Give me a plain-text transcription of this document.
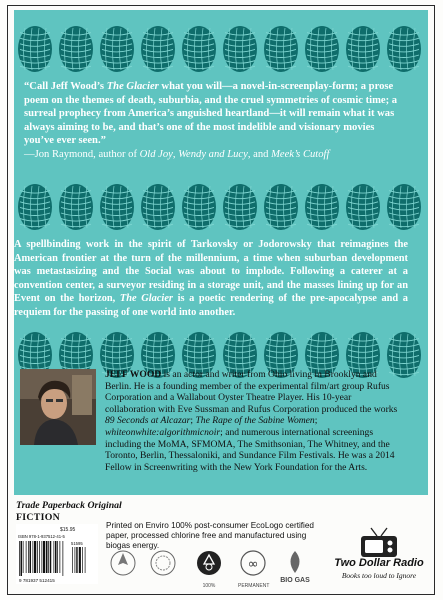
“Call Jeff Wood’s The Glacier what you will—a novel-in-screenplay-form; a prose poem on the themes of death, suburbia, and the cruel symmetries of cosmic time; a surreal prophecy from America’s anguished heartland—it will remain what it was always aiming to be, and that’s one of the most indelible and visionary movies you’ve ever seen.”
—Jon Raymond, author of Old Joy, Wendy and Lucy, and Meek’s Cutoff
A spellbinding work in the spirit of Tarkovsky or Jodorowsky that reimagines the American frontier at the turn of the millennium, a time when suburban development was metastasizing and the Social was about to implode. Following a caterer at a convention center, a surveyor residing in a storage unit, and the masses lining up for an Event on the horizon, The Glacier is a poetic rendering of the pre-apocalypse and a requiem for the passing of one world into another.
JEFF WOOD is an actor and writer from Ohio living in Brooklyn and Berlin. He is a founding member of the experimental film/art group Rufus Corporation and a Wallabout Oyster Theatre Player. His 10-year collaboration with Eve Sussman and Rufus Corporation produced the works 89 Seconds at Alcazar; The Rape of the Sabine Women; whiteonwhite:algorithmicnoir; and numerous international screenings including the MoMA, SFMOMA, The Smithsonian, The Whitney, and the Toronto, Berlin, Thessaloniki, and Sundance Film Festivals. He was a 2014 Fellow in Screenwriting with the New York Foundation for the Arts.
Trade Paperback Original
FICTION
$15.95
ISBN 978-1-937512-41-5
51595
9 781937 512415
Printed on Enviro 100% post-consumer EcoLogo certified paper, processed chlorine free and manufactured using biogas energy.
100%
∞
PERMANENT
BIO GAS
Two Dollar Radio
Books too loud to Ignore
